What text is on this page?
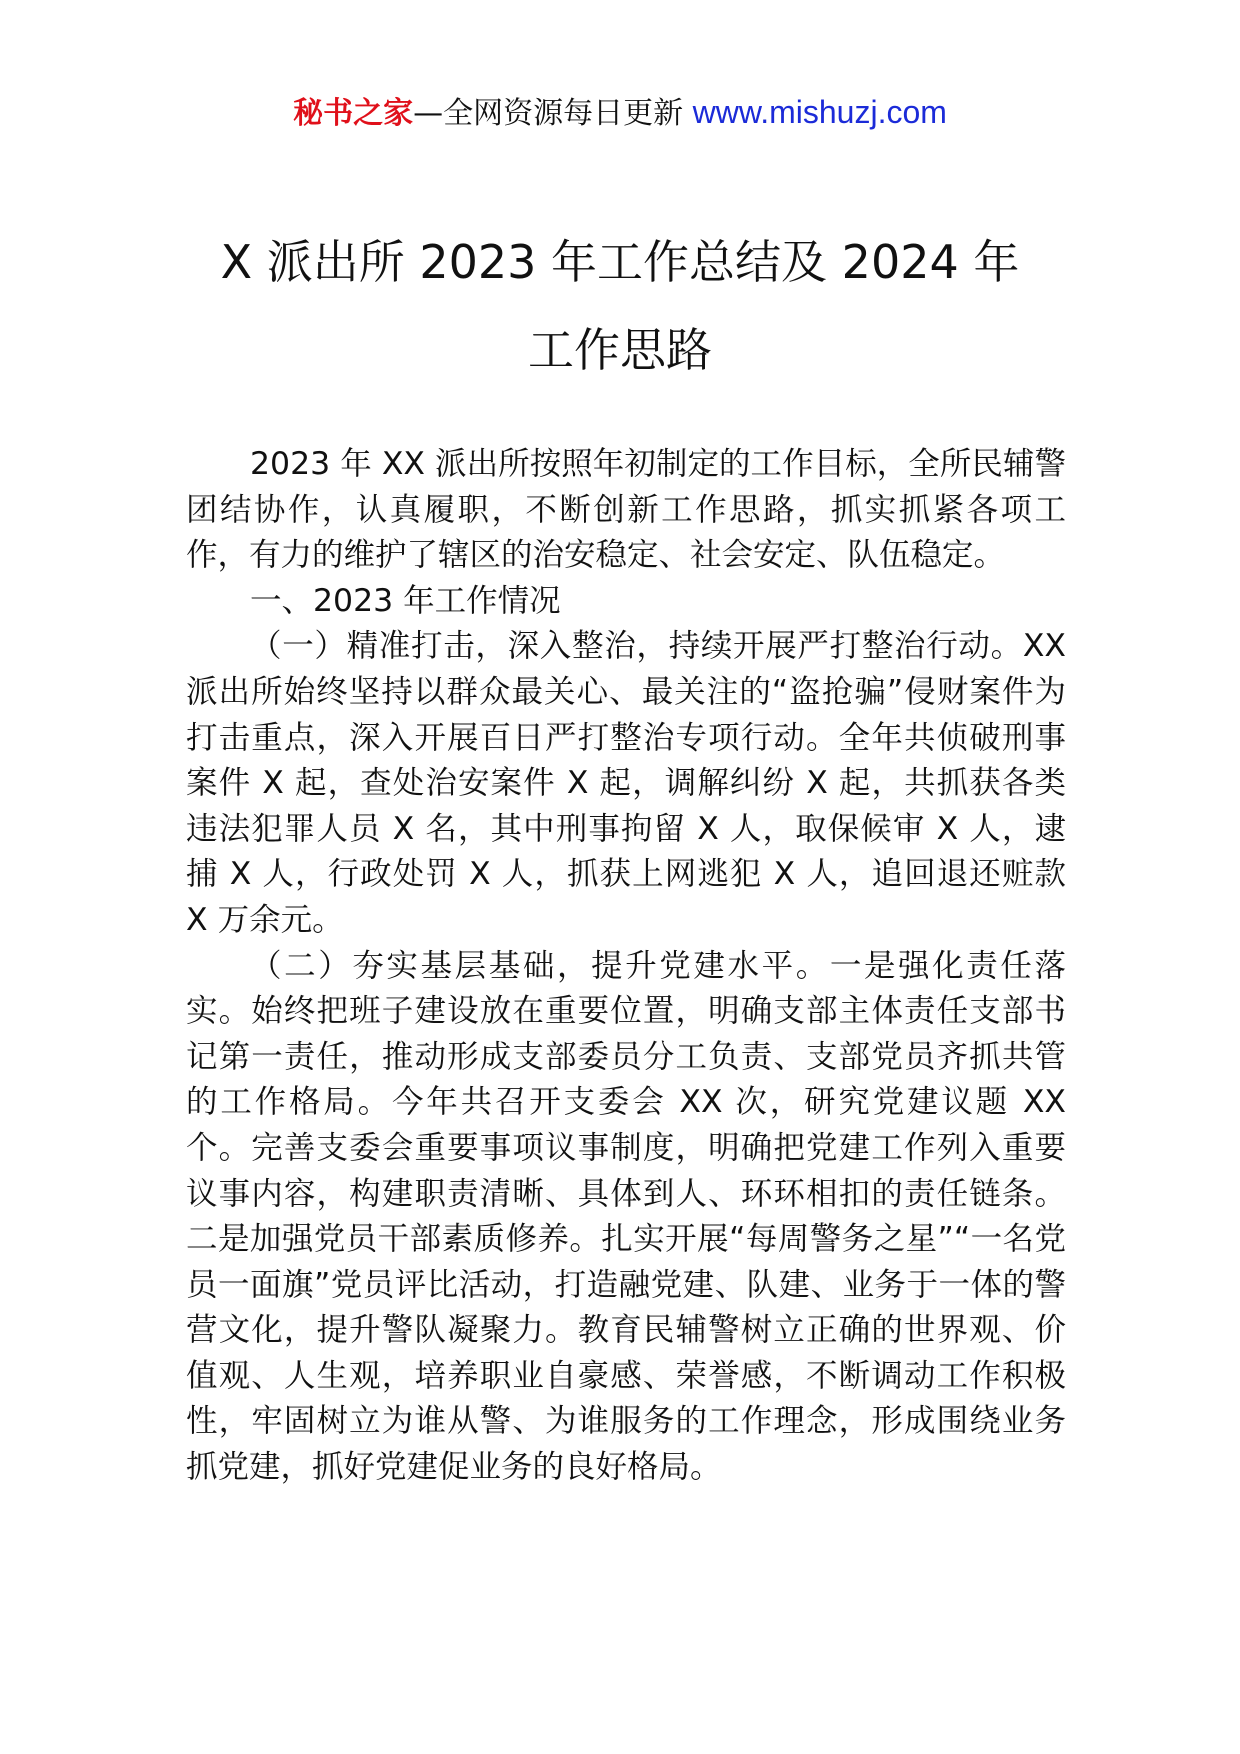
秘书之家—全网资源每日更新 www.mishuzj.com
X 派出所 2023 年工作总结及 2024 年
工作思路

2023 年 XX 派出所按照年初制定的工作目标，全所民辅警团结协作，认真履职，不断创新工作思路，抓实抓紧各项工作，有力的维护了辖区的治安稳定、社会安定、队伍稳定。

一、2023 年工作情况

（一）精准打击，深入整治，持续开展严打整治行动。XX 派出所始终坚持以群众最关心、最关注的“盗抢骗”侵财案件为打击重点，深入开展百日严打整治专项行动。全年共侦破刑事案件 X 起，查处治安案件 X 起，调解纠纷 X 起，共抓获各类违法犯罪人员 X 名，其中刑事拘留 X 人，取保候审 X 人，逮捕 X 人，行政处罚 X 人，抓获上网逃犯 X 人，追回退还赃款 X 万余元。

（二）夯实基层基础，提升党建水平。一是强化责任落实。始终把班子建设放在重要位置，明确支部主体责任支部书记第一责任，推动形成支部委员分工负责、支部党员齐抓共管的工作格局。今年共召开支委会 XX 次，研究党建议题 XX 个。完善支委会重要事项议事制度，明确把党建工作列入重要议事内容，构建职责清晰、具体到人、环环相扣的责任链条。二是加强党员干部素质修养。扎实开展“每周警务之星”“一名党员一面旗”党员评比活动，打造融党建、队建、业务于一体的警营文化，提升警队凝聚力。教育民辅警树立正确的世界观、价值观、人生观，培养职业自豪感、荣誉感，不断调动工作积极性，牢固树立为谁从警、为谁服务的工作理念，形成围绕业务抓党建，抓好党建促业务的良好格局。
